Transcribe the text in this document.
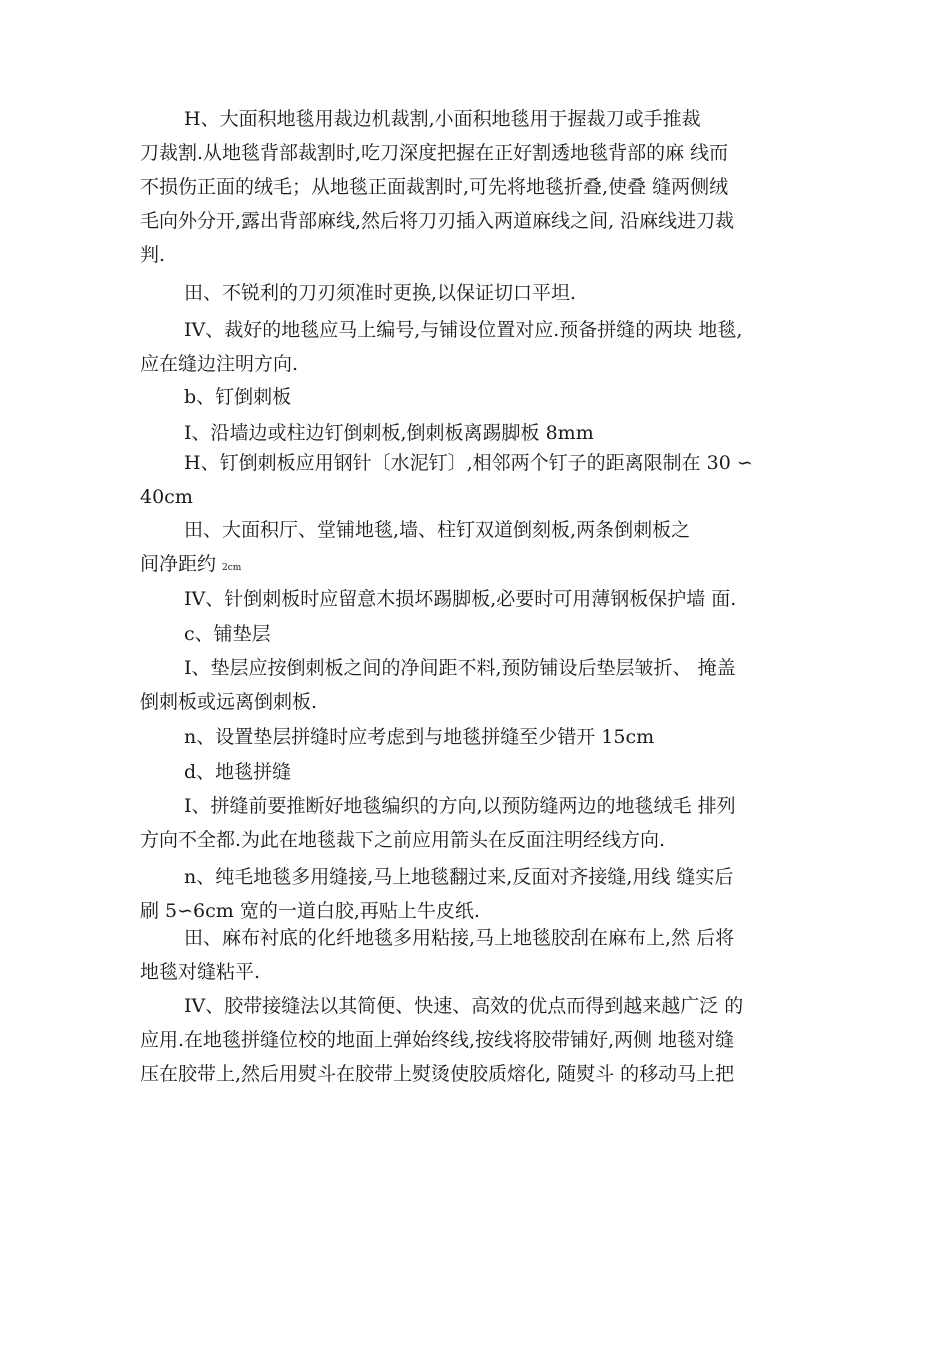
H、大面积地毯用裁边机裁割,小面积地毯用于握裁刀或手推裁
刀裁割.从地毯背部裁割时,吃刀深度把握在正好割透地毯背部的麻 线而
不损伤正面的绒毛；从地毯正面裁割时,可先将地毯折叠,使叠 缝两侧绒
毛向外分开,露出背部麻线,然后将刀刃插入两道麻线之间, 沿麻线进刀裁
判.
田、不锐利的刀刃须准时更换,以保证切口平坦.
IV、裁好的地毯应马上编号,与铺设位置对应.预备拼缝的两块 地毯,
应在缝边注明方向.
b、钉倒刺板
I、沿墙边或柱边钉倒刺板,倒刺板离踢脚板 8mm
H、钉倒刺板应用钢针〔水泥钉〕,相邻两个钉子的距离限制在 30 ∽
40cm
田、大面积厅、堂铺地毯,墙、柱钉双道倒刻板,两条倒刺板之
间净距约 2cm
IV、针倒刺板时应留意木损坏踢脚板,必要时可用薄钢板保护墙 面.
c、铺垫层
I、垫层应按倒刺板之间的净间距不料,预防铺设后垫层皱折、 掩盖
倒刺板或远离倒刺板.
n、设置垫层拼缝时应考虑到与地毯拼缝至少错开 15cm
d、地毯拼缝
I、拼缝前要推断好地毯编织的方向,以预防缝两边的地毯绒毛 排列
方向不全都.为此在地毯裁下之前应用箭头在反面注明经线方向.
n、纯毛地毯多用缝接,马上地毯翻过来,反面对齐接缝,用线 缝实后
刷 5∽6cm 宽的一道白胶,再贴上牛皮纸.
田、麻布衬底的化纤地毯多用粘接,马上地毯胶刮在麻布上,然 后将
地毯对缝粘平.
IV、胶带接缝法以其简便、快速、高效的优点而得到越来越广泛 的
应用.在地毯拼缝位校的地面上弹始终线,按线将胶带铺好,两侧 地毯对缝
压在胶带上,然后用熨斗在胶带上熨烫使胶质熔化, 随熨斗 的移动马上把
